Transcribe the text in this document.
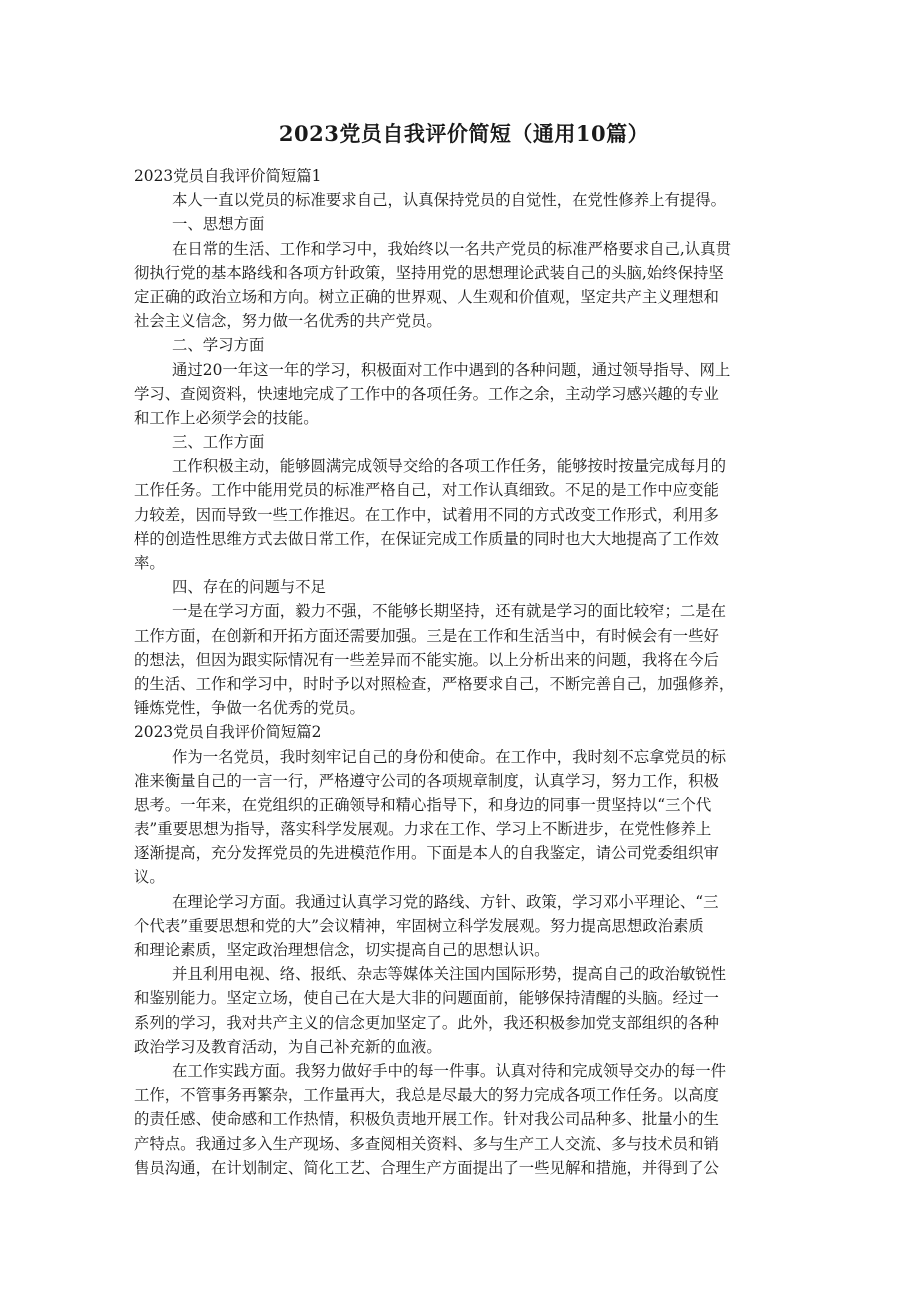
2023党员自我评价简短（通用10篇）
2023党员自我评价简短篇1
本人一直以党员的标准要求自己，认真保持党员的自觉性，在党性修养上有提得。
一、思想方面
在日常的生活、工作和学习中，我始终以一名共产党员的标准严格要求自己,认真贯
彻执行党的基本路线和各项方针政策，坚持用党的思想理论武装自己的头脑,始终保持坚
定正确的政治立场和方向。树立正确的世界观、人生观和价值观，坚定共产主义理想和
社会主义信念，努力做一名优秀的共产党员。
二、学习方面
通过20一年这一年的学习，积极面对工作中遇到的各种问题，通过领导指导、网上
学习、查阅资料，快速地完成了工作中的各项任务。工作之余，主动学习感兴趣的专业
和工作上必须学会的技能。
三、工作方面
工作积极主动，能够圆满完成领导交给的各项工作任务，能够按时按量完成每月的
工作任务。工作中能用党员的标准严格自己，对工作认真细致。不足的是工作中应变能
力较差，因而导致一些工作推迟。在工作中，试着用不同的方式改变工作形式，利用多
样的创造性思维方式去做日常工作，在保证完成工作质量的同时也大大地提高了工作效
率。
四、存在的问题与不足
一是在学习方面，毅力不强，不能够长期坚持，还有就是学习的面比较窄；二是在
工作方面，在创新和开拓方面还需要加强。三是在工作和生活当中，有时候会有一些好
的想法，但因为跟实际情况有一些差异而不能实施。以上分析出来的问题，我将在今后
的生活、工作和学习中，时时予以对照检查，严格要求自己，不断完善自己，加强修养，
锤炼党性，争做一名优秀的党员。
2023党员自我评价简短篇2
作为一名党员，我时刻牢记自己的身份和使命。在工作中，我时刻不忘拿党员的标
准来衡量自己的一言一行，严格遵守公司的各项规章制度，认真学习，努力工作，积极
思考。一年来，在党组织的正确领导和精心指导下，和身边的同事一贯坚持以“三个代
表”重要思想为指导，落实科学发展观。力求在工作、学习上不断进步，在党性修养上
逐渐提高，充分发挥党员的先进模范作用。下面是本人的自我鉴定，请公司党委组织审
议。
在理论学习方面。我通过认真学习党的路线、方针、政策，学习邓小平理论、“三
个代表”重要思想和党的大”会议精神，牢固树立科学发展观。努力提高思想政治素质
和理论素质，坚定政治理想信念，切实提高自己的思想认识。
并且利用电视、络、报纸、杂志等媒体关注国内国际形势，提高自己的政治敏锐性
和鉴别能力。坚定立场，使自己在大是大非的问题面前，能够保持清醒的头脑。经过一
系列的学习，我对共产主义的信念更加坚定了。此外，我还积极参加党支部组织的各种
政治学习及教育活动，为自己补充新的血液。
在工作实践方面。我努力做好手中的每一件事。认真对待和完成领导交办的每一件
工作，不管事务再繁杂，工作量再大，我总是尽最大的努力完成各项工作任务。以高度
的责任感、使命感和工作热情，积极负责地开展工作。针对我公司品种多、批量小的生
产特点。我通过多入生产现场、多查阅相关资料、多与生产工人交流、多与技术员和销
售员沟通，在计划制定、简化工艺、合理生产方面提出了一些见解和措施，并得到了公
